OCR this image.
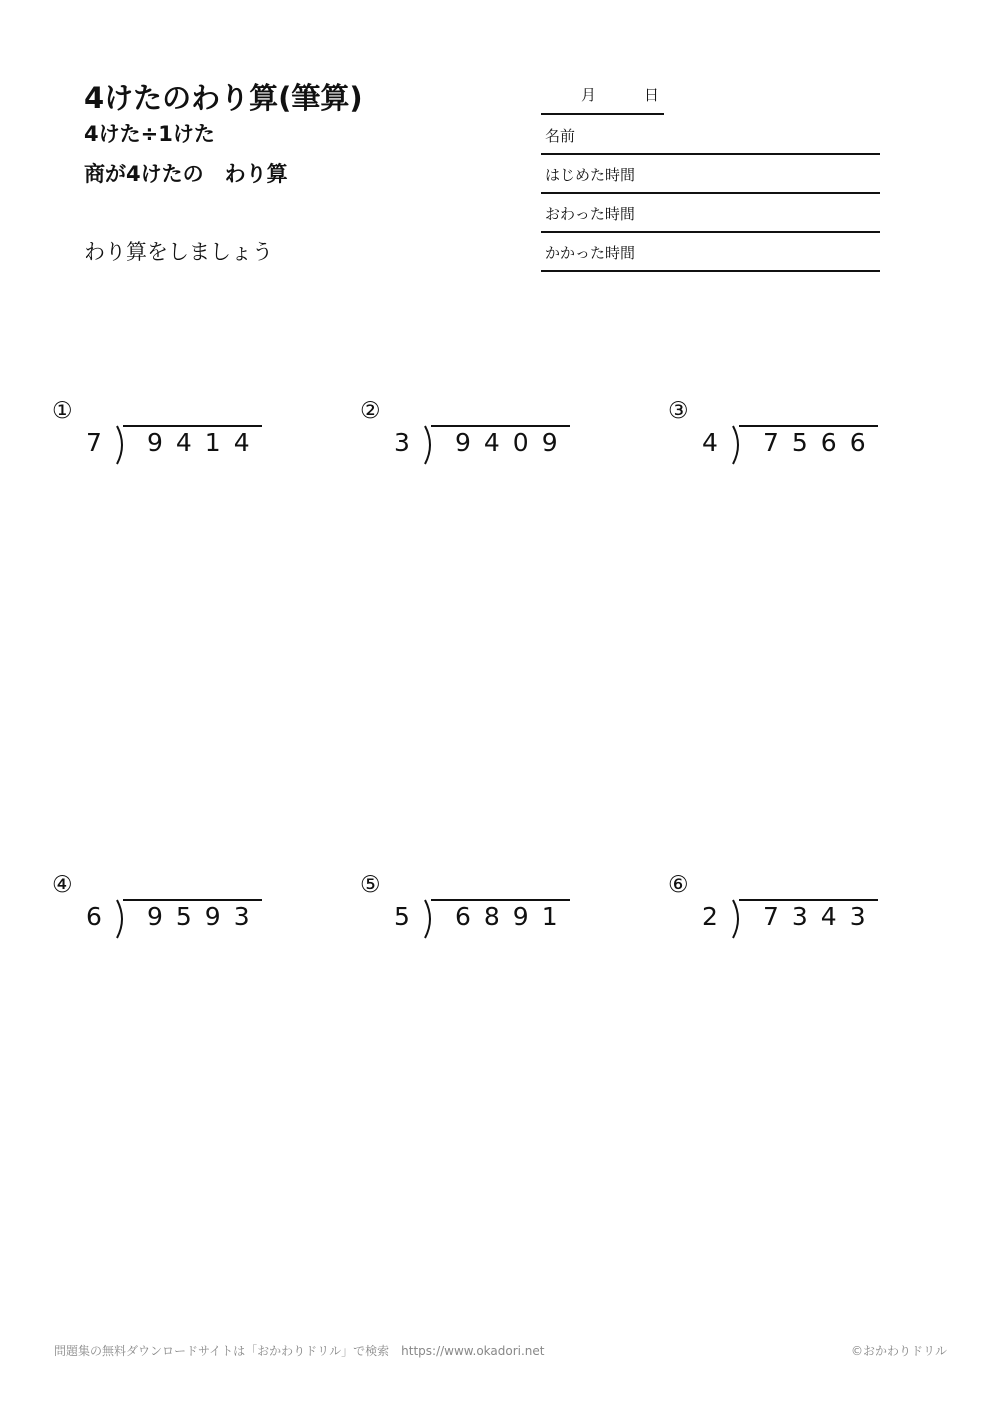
4けたのわり算(筆算)
4けた÷1けた
商が4けたの　わり算
わり算をしましょう
月	日
名前
はじめた時間
おわった時間
かかった時間
①
7 9414
②
3 9409
③
4 7566
④
6 9593
⑤
5 6891
⑥
2 7343
問題集の無料ダウンロードサイトは「おかわりドリル」で検索　https://www.okadori.net	©おかわりドリル
